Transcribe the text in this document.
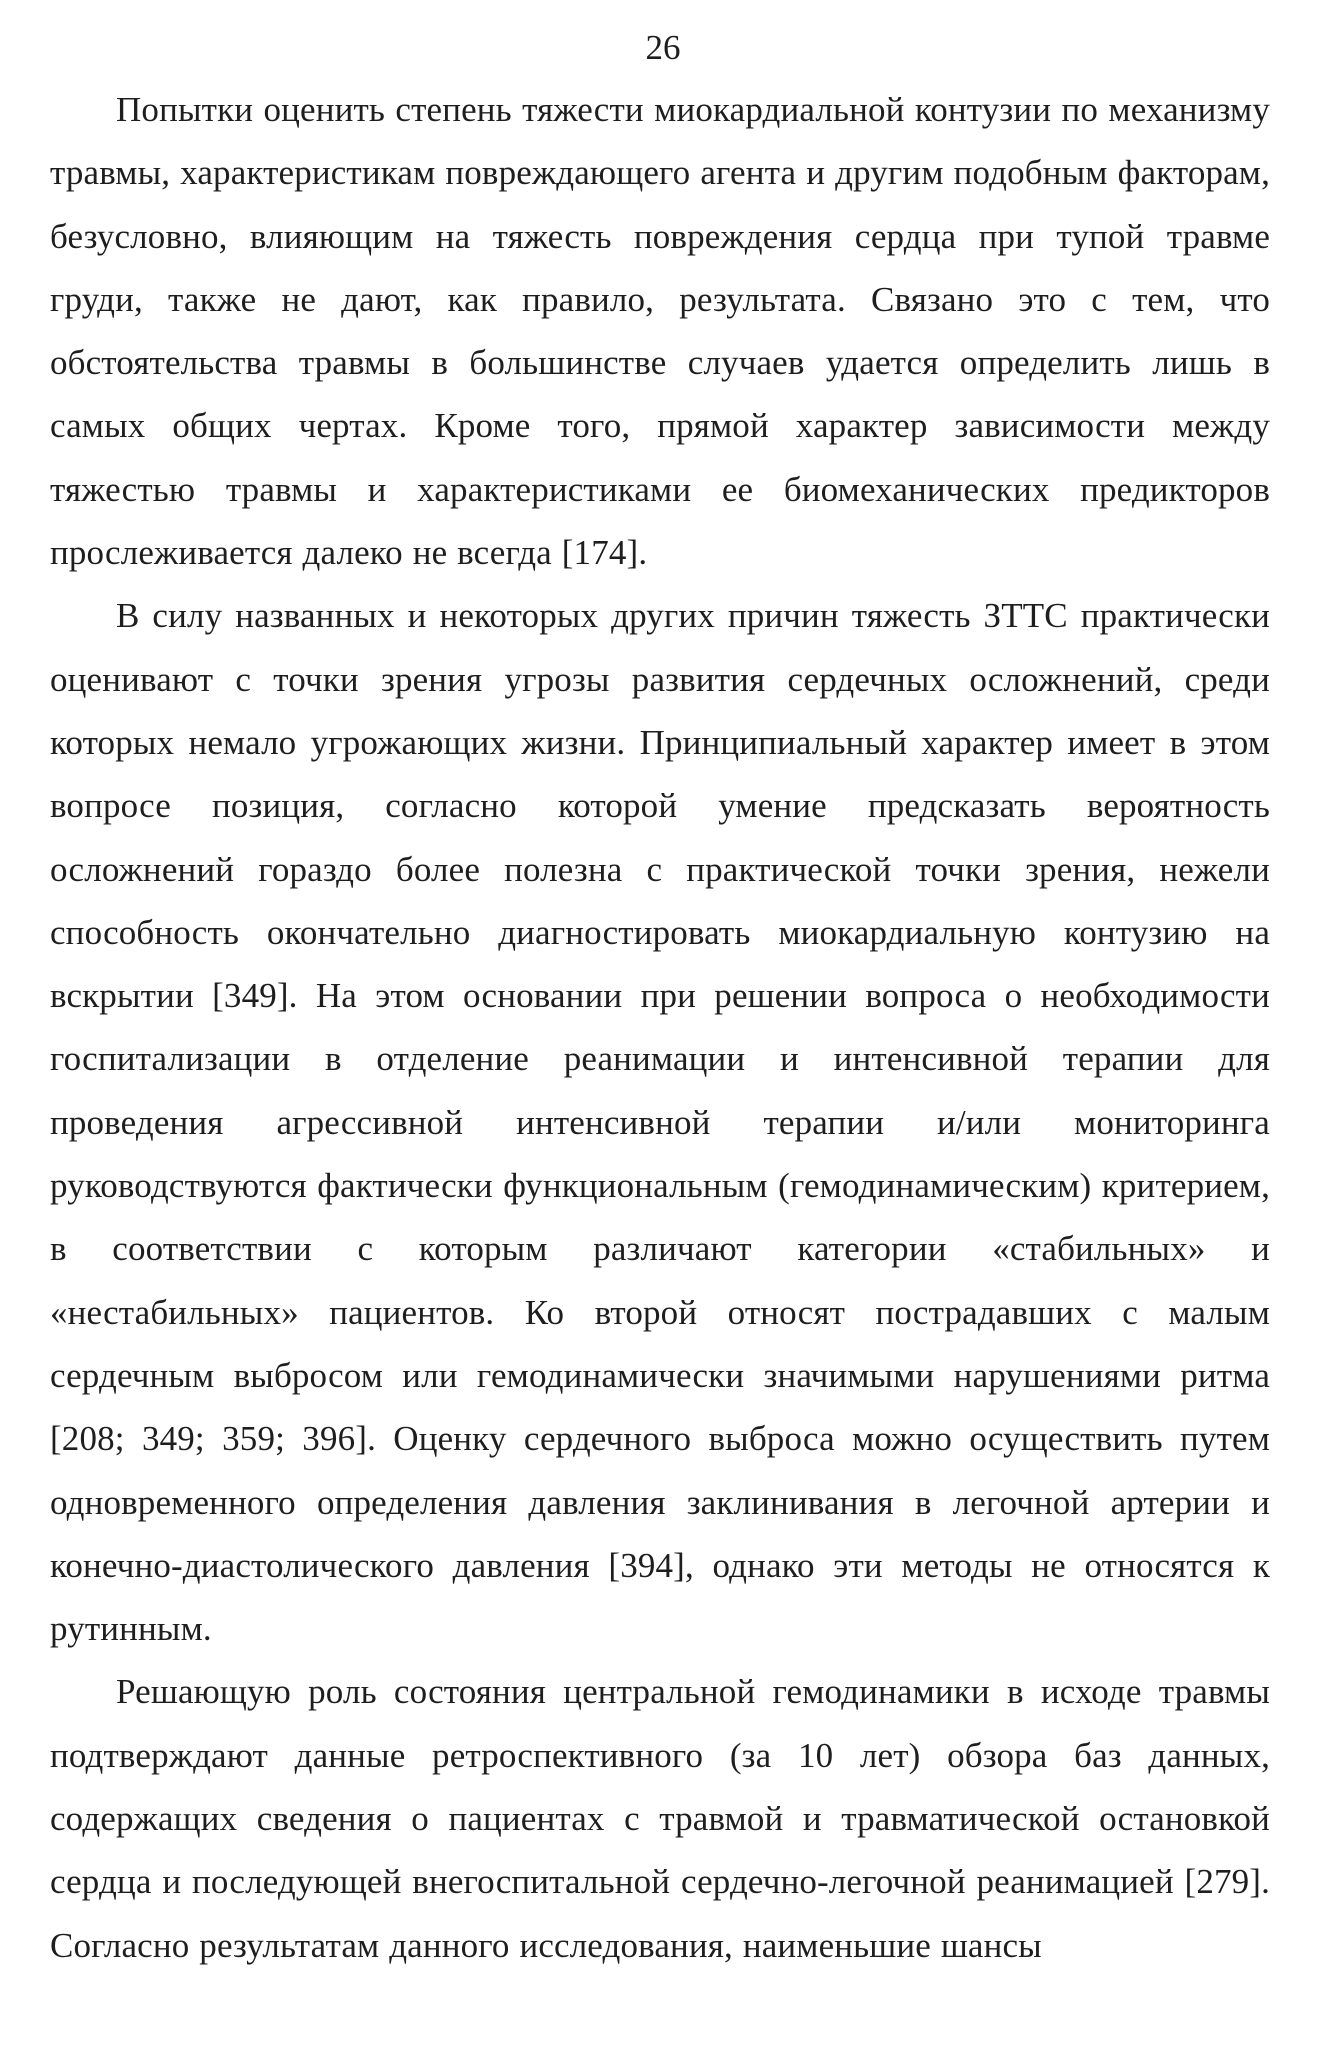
26

Попытки оценить степень тяжести миокардиальной контузии по механизму травмы, характеристикам повреждающего агента и другим подобным факторам, безусловно, влияющим на тяжесть повреждения сердца при тупой травме груди, также не дают, как правило, результата. Связано это с тем, что обстоятельства травмы в большинстве случаев удается определить лишь в самых общих чертах. Кроме того, прямой характер зависимости между тяжестью травмы и характеристиками ее биомеханических предикторов прослеживается далеко не всегда [174].

В силу названных и некоторых других причин тяжесть ЗТТС практически оценивают с точки зрения угрозы развития сердечных осложнений, среди которых немало угрожающих жизни. Принципиальный характер имеет в этом вопросе позиция, согласно которой умение предсказать вероятность осложнений гораздо более полезна с практической точки зрения, нежели способность окончательно диагностировать миокардиальную контузию на вскрытии [349]. На этом основании при решении вопроса о необходимости госпитализации в отделение реанимации и интенсивной терапии для проведения агрессивной интенсивной терапии и/или мониторинга руководствуются фактически функциональным (гемодинамическим) критерием, в соответствии с которым различают категории «стабильных» и «нестабильных» пациентов. Ко второй относят пострадавших с малым сердечным выбросом или гемодинамически значимыми нарушениями ритма [208; 349; 359; 396]. Оценку сердечного выброса можно осуществить путем одновременного определения давления заклинивания в легочной артерии и конечно-диастолического давления [394], однако эти методы не относятся к рутинным.

Решающую роль состояния центральной гемодинамики в исходе травмы подтверждают данные ретроспективного (за 10 лет) обзора баз данных, содержащих сведения о пациентах с травмой и травматической остановкой сердца и последующей внегоспитальной сердечно-легочной реанимацией [279]. Согласно результатам данного исследования, наименьшие шансы
